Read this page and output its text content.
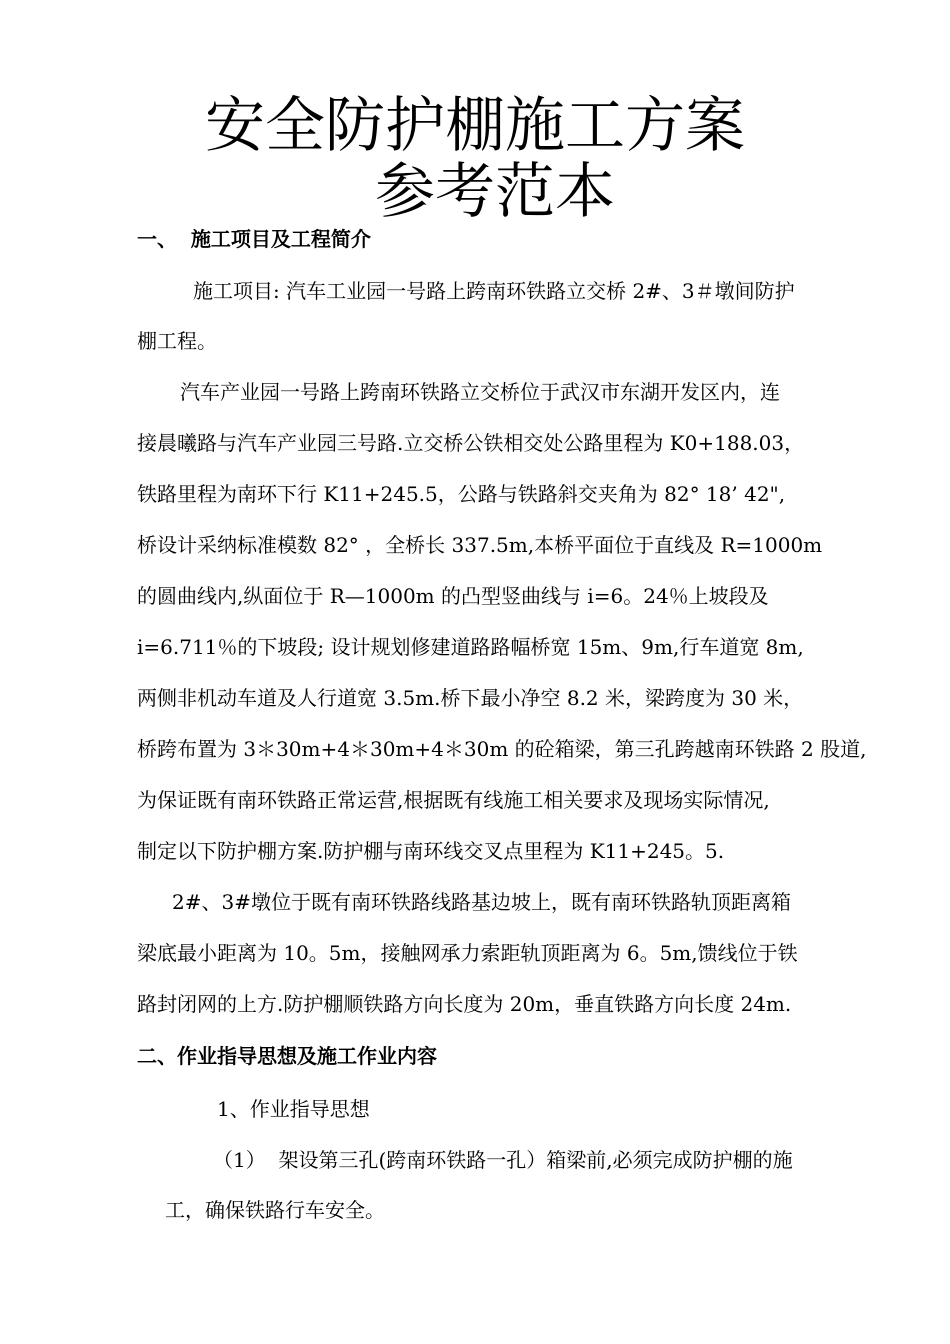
安全防护棚施工方案
参考范本
一、  施工项目及工程简介
施工项目: 汽车工业园一号路上跨南环铁路立交桥 2#、3＃墩间防护
棚工程。
汽车产业园一号路上跨南环铁路立交桥位于武汉市东湖开发区内，连
接晨曦路与汽车产业园三号路.立交桥公铁相交处公路里程为 K0+188.03，
铁路里程为南环下行 K11+245.5，公路与铁路斜交夹角为 82° 18’ 42",
桥设计采纳标准模数 82° ，全桥长 337.5m,本桥平面位于直线及 R=1000m
的圆曲线内,纵面位于 R—1000m 的凸型竖曲线与 i=6。24％上坡段及
i=6.711％的下坡段; 设计规划修建道路路幅桥宽 15m、9m,行车道宽 8m,
两侧非机动车道及人行道宽 3.5m.桥下最小净空 8.2 米，梁跨度为 30 米，
桥跨布置为 3＊30m+4＊30m+4＊30m 的砼箱梁，第三孔跨越南环铁路 2 股道,
为保证既有南环铁路正常运营,根据既有线施工相关要求及现场实际情况,
制定以下防护棚方案.防护棚与南环线交叉点里程为 K11+245。5.
2#、3#墩位于既有南环铁路线路基边坡上，既有南环铁路轨顶距离箱
梁底最小距离为 10。5m，接触网承力索距轨顶距离为 6。5m,馈线位于铁
路封闭网的上方.防护棚顺铁路方向长度为 20m，垂直铁路方向长度 24m.
二、作业指导思想及施工作业内容
1、作业指导思想
（1）  架设第三孔(跨南环铁路一孔）箱梁前,必须完成防护棚的施
工，确保铁路行车安全。
